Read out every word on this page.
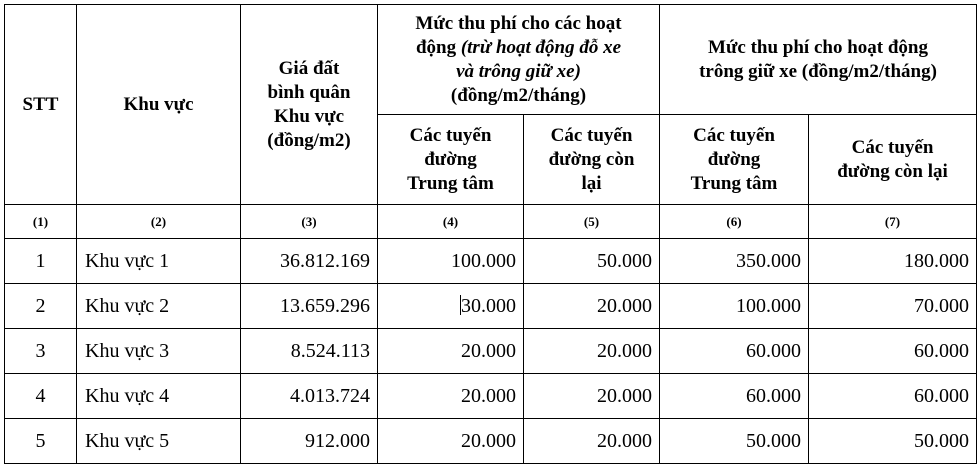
STT	Khu vực	Giá đất
bình quân
Khu vực
(đồng/m2)	Mức thu phí cho các hoạt
động (trừ hoạt động đỗ xe
và trông giữ xe)
(đồng/m2/tháng)		Mức thu phí cho hoạt động
trông giữ xe (đồng/m2/tháng)	

			Các tuyến
đường
Trung tâm	Các tuyến
đường còn
lại	Các tuyến
đường
Trung tâm	Các tuyến
đường còn lại

(1)	(2)	(3)	(4)	(5)	(6)	(7)
1	Khu vực 1	36.812.169	100.000	50.000	350.000	180.000
2	Khu vực 2	13.659.296	30.000	20.000	100.000	70.000
3	Khu vực 3	8.524.113	20.000	20.000	60.000	60.000
4	Khu vực 4	4.013.724	20.000	20.000	60.000	60.000
5	Khu vực 5	912.000	20.000	20.000	50.000	50.000
